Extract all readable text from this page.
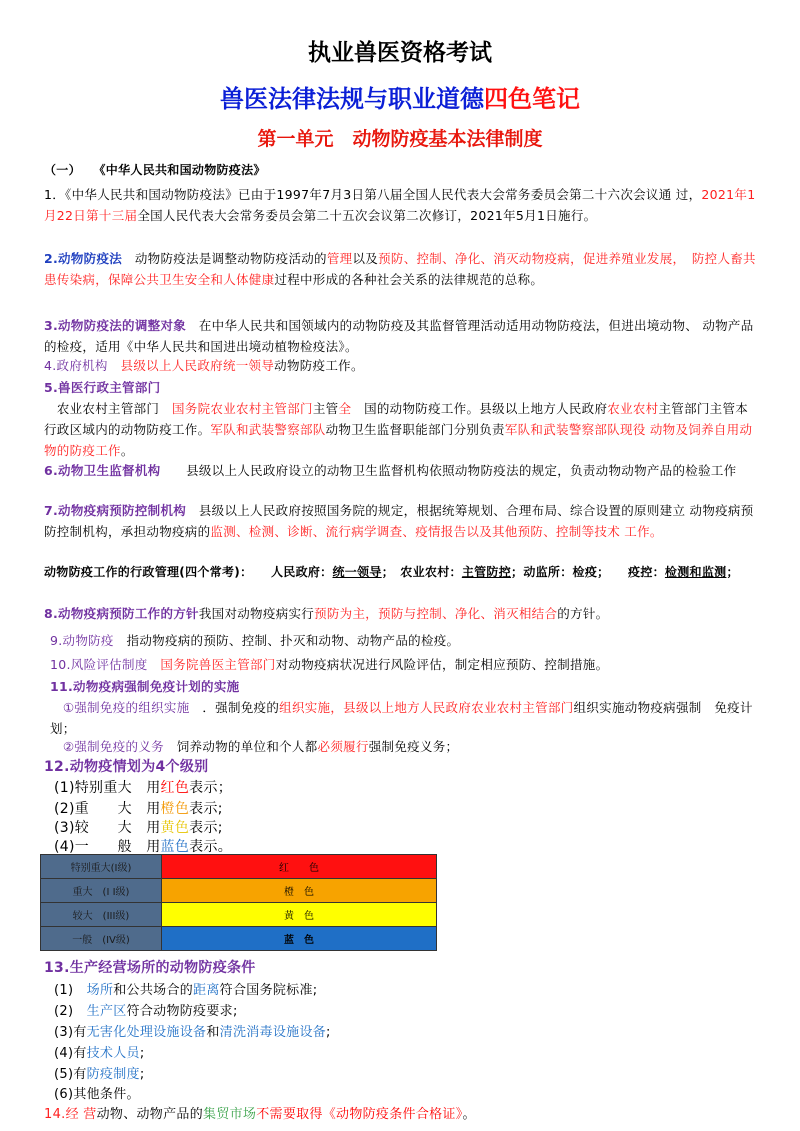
执业兽医资格考试
兽医法律法规与职业道德四色笔记
第一单元　动物防疫基本法律制度
（一）　　《中华人民共和国动物防疫法》
1．《中华人民共和国动物防疫法》已由于1997年7月3日第八届全国人民代表大会常务委员会第二十六次会议通 过，2021年1月22日第十三届全国人民代表大会常务委员会第二十五次会议第二次修订，2021年5月1日施行。
2.动物防疫法　 动物防疫法是调整动物防疫活动的管理以及预防、控制、净化、消灭动物疫病，促进养殖业发展，　 防控人畜共患传染病，保障公共卫生安全和人体健康过程中形成的各种社会关系的法律规范的总称。
3.动物防疫法的调整对象　 在中华人民共和国领域内的动物防疫及其监督管理活动适用动物防疫法，但进出境动物、 动物产品的检疫，适用《中华人民共和国进出境动植物检疫法》。
4.政府机构　 县级以上人民政府统一领导动物防疫工作。
5.兽医行政主管部门
　农业农村主管部门　 国务院农业农村主管部门主管全　 国的动物防疫工作。县级以上地方人民政府农业农村主管部门主管本行政区域内的动物防疫工作。军队和武装警察部队动物卫生监督职能部门分别负责军队和武装警察部队现役 动物及饲养自用动物的防疫工作。
6.动物卫生监督机构　　 县级以上人民政府设立的动物卫生监督机构依照动物防疫法的规定，负责动物动物产品的检验工作
7.动物疫病预防控制机构　 县级以上人民政府按照国务院的规定，根据统筹规划、合理布局、综合设置的原则建立 动物疫病预防控制机构，承担动物疫病的监测、检测、诊断、流行病学调查、疫情报告以及其他预防、控制等技术 工作。
动物防疫工作的行政管理(四个常考)：　　 人民政府：统一领导；　农业农村：主管防控；动监所：检疫；　　疫控：检测和监测；
8.动物疫病预防工作的方针我国对动物疫病实行预防为主，预防与控制、净化、消灭相结合的方针。
9.动物防疫　 指动物疫病的预防、控制、扑灭和动物、动物产品的检疫。
10.风险评估制度　 国务院兽医主管部门对动物疫病状况进行风险评估，制定相应预防、控制措施。
11.动物疫病强制免疫计划的实施
　①强制免疫的组织实施　 ．强制免疫的组织实施，县级以上地方人民政府农业农村主管部门组织实施动物疫病强制　免疫计划；
　②强制免疫的义务　 饲养动物的单位和个人都必须履行强制免疫义务；
12.动物疫情划为4个级别
(1)特别重大　用红色表示；
(2)重　　大　用橙色表示;
(3)较　　大　用黄色表示;
(4)一　　般　用蓝色表示。
特别重大(I级)	红　　色
重大　(I I级)	橙　色
较大　(III级)	黄　色
一般　(IV级)	蓝　色
13.生产经营场所的动物防疫条件
(1)　 场所和公共场合的距离符合国务院标准;
(2)　 生产区符合动物防疫要求;
(3)有无害化处理设施设备和清洗消毒设施设备;
(4)有技术人员;
(5)有防疫制度;
(6)其他条件。
14.经 营动物、动物产品的集贸市场不需要取得《动物防疫条件合格证》。
